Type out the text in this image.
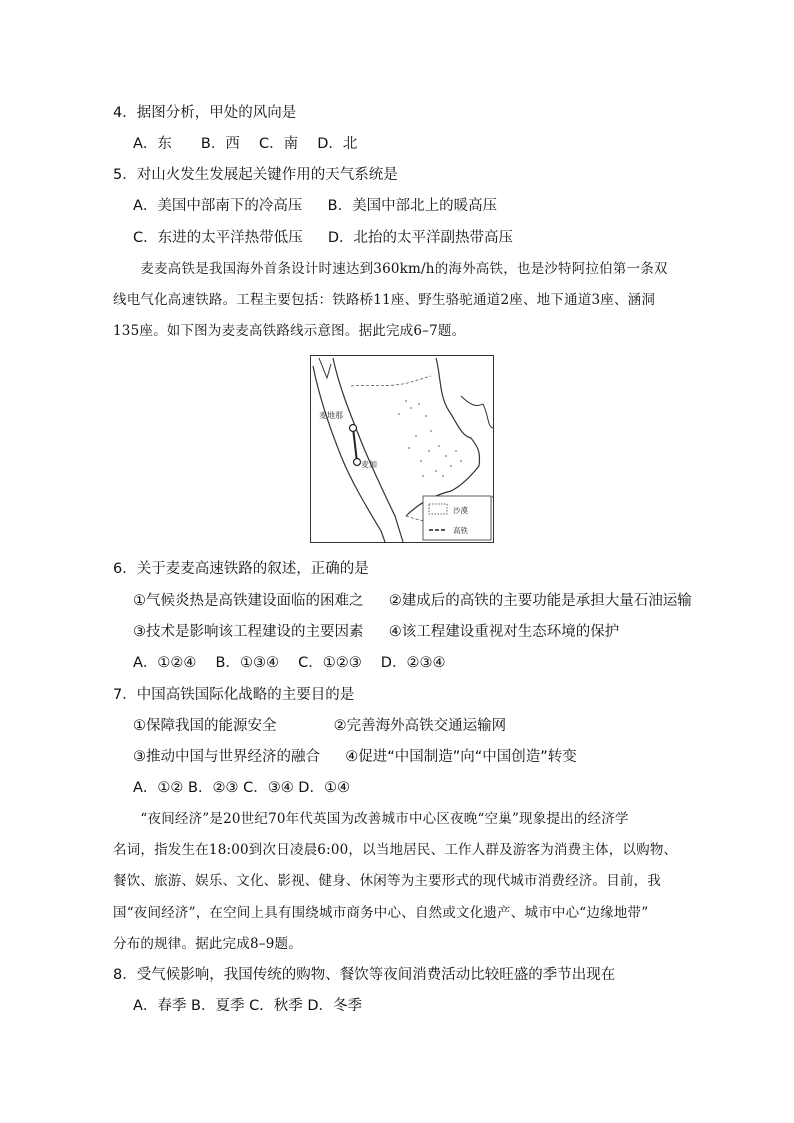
4．据图分析，甲处的风向是
A．东　　B．西　 C．南　 D．北
5．对山火发生发展起关键作用的天气系统是
A．美国中部南下的冷高压 B．美国中部北上的暖高压
C．东进的太平洋热带低压 D．北抬的太平洋副热带高压
　　麦麦高铁是我国海外首条设计时速达到360km/h的海外高铁，也是沙特阿拉伯第一条双
线电气化高速铁路。工程主要包括：铁路桥11座、野生骆驼通道2座、地下通道3座、涵洞
135座。如下图为麦麦高铁路线示意图。据此完成6–7题。
麦地那
麦加
沙漠
高铁
6．关于麦麦高速铁路的叙述，正确的是
①气候炎热是高铁建设面临的困难之 ②建成后的高铁的主要功能是承担大量石油运输
③技术是影响该工程建设的主要因素 ④该工程建设重视对生态环境的保护
A．①②④　 B．①③④　 C．①②③　 D．②③④
7．中国高铁国际化战略的主要目的是
①保障我国的能源安全	②完善海外高铁交通运输网
③推动中国与世界经济的融合 ④促进“中国制造”向“中国创造”转变
A．①② B．②③ C．③④ D．①④
　　“夜间经济”是20世纪70年代英国为改善城市中心区夜晚“空巢”现象提出的经济学
名词，指发生在18:00到次日凌晨6:00，以当地居民、工作人群及游客为消费主体，以购物、
餐饮、旅游、娱乐、文化、影视、健身、休闲等为主要形式的现代城市消费经济。目前，我
国“夜间经济”，在空间上具有围绕城市商务中心、自然或文化遗产、城市中心“边缘地带”
分布的规律。据此完成8–9题。
8．受气候影响，我国传统的购物、餐饮等夜间消费活动比较旺盛的季节出现在
A．春季 B．夏季 C．秋季 D．冬季
